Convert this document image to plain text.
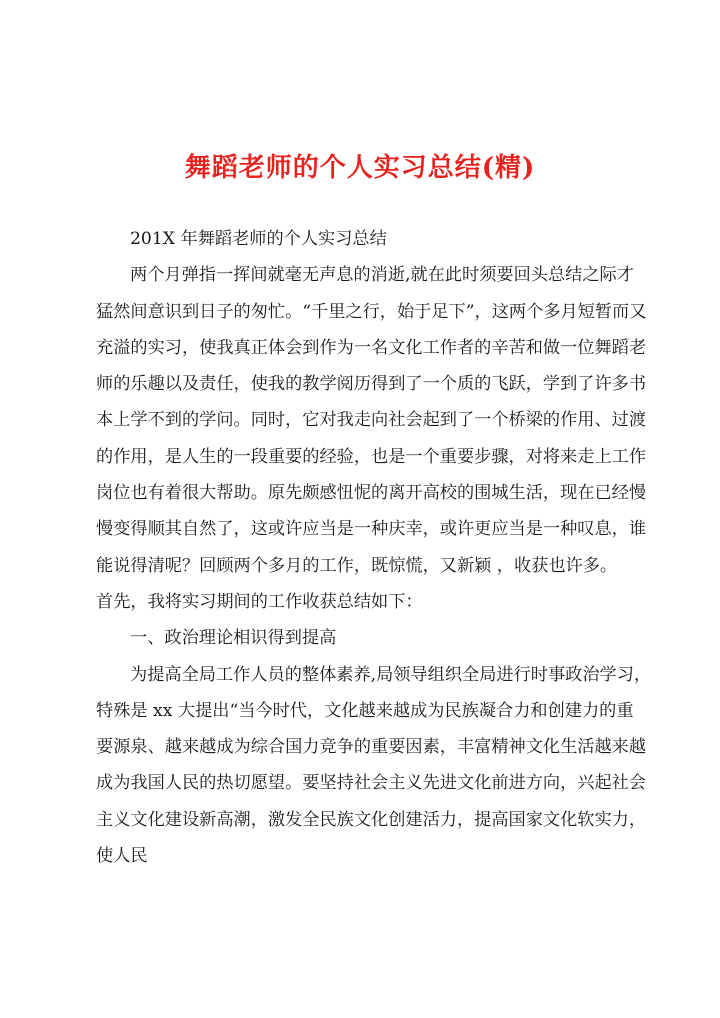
舞蹈老师的个人实习总结(精)
201X 年舞蹈老师的个人实习总结
两个月弹指一挥间就毫无声息的消逝,就在此时须要回头总结之际才
猛然间意识到日子的匆忙。“千里之行，始于足下”，这两个多月短暂而又
充溢的实习，使我真正体会到作为一名文化工作者的辛苦和做一位舞蹈老
师的乐趣以及责任，使我的教学阅历得到了一个质的飞跃，学到了许多书
本上学不到的学问。同时，它对我走向社会起到了一个桥梁的作用、过渡
的作用，是人生的一段重要的经验，也是一个重要步骤，对将来走上工作
岗位也有着很大帮助。原先颇感忸怩的离开高校的围城生活，现在已经慢
慢变得顺其自然了，这或许应当是一种庆幸，或许更应当是一种叹息，谁
能说得清呢？回顾两个多月的工作，既惊慌，又新颖 ，收获也许多。
首先，我将实习期间的工作收获总结如下：
一、政治理论相识得到提高
为提高全局工作人员的整体素养,局领导组织全局进行时事政治学习，
特殊是 xx 大提出“当今时代，文化越来越成为民族凝合力和创建力的重
要源泉、越来越成为综合国力竞争的重要因素，丰富精神文化生活越来越
成为我国人民的热切愿望。要坚持社会主义先进文化前进方向，兴起社会
主义文化建设新高潮，激发全民族文化创建活力，提高国家文化软实力，
使人民
